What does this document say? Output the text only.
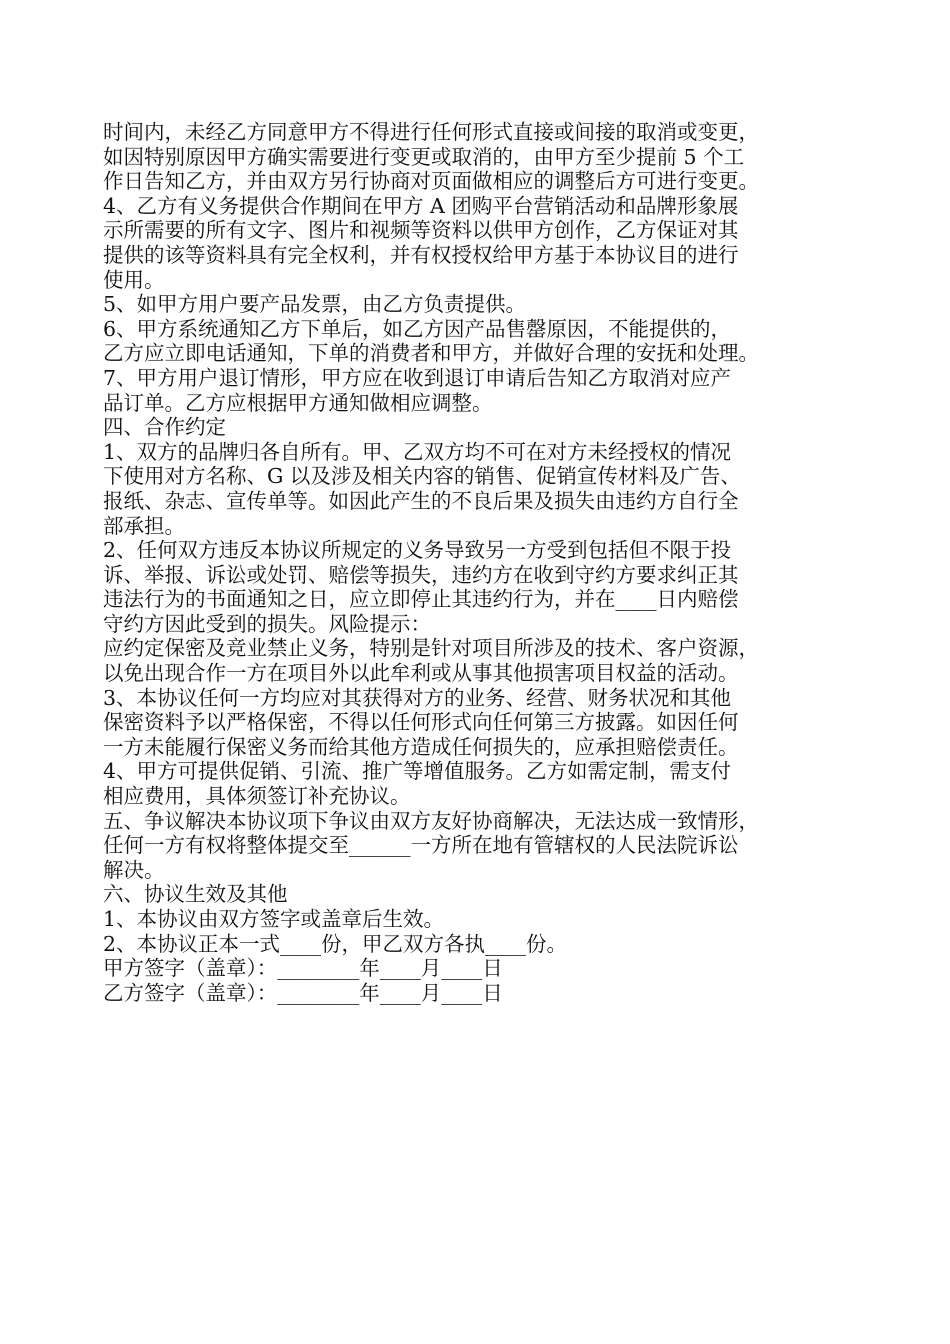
时间内，未经乙方同意甲方不得进行任何形式直接或间接的取消或变更，
如因特别原因甲方确实需要进行变更或取消的，由甲方至少提前 5 个工
作日告知乙方，并由双方另行协商对页面做相应的调整后方可进行变更。
4、乙方有义务提供合作期间在甲方 A 团购平台营销活动和品牌形象展
示所需要的所有文字、图片和视频等资料以供甲方创作，乙方保证对其
提供的该等资料具有完全权利，并有权授权给甲方基于本协议目的进行
使用。
5、如甲方用户要产品发票，由乙方负责提供。
6、甲方系统通知乙方下单后，如乙方因产品售罄原因，不能提供的，
乙方应立即电话通知，下单的消费者和甲方，并做好合理的安抚和处理。
7、甲方用户退订情形，甲方应在收到退订申请后告知乙方取消对应产
品订单。乙方应根据甲方通知做相应调整。
四、合作约定
1、双方的品牌归各自所有。甲、乙双方均不可在对方未经授权的情况
下使用对方名称、G 以及涉及相关内容的销售、促销宣传材料及广告、
报纸、杂志、宣传单等。如因此产生的不良后果及损失由违约方自行全
部承担。
2、任何双方违反本协议所规定的义务导致另一方受到包括但不限于投
诉、举报、诉讼或处罚、赔偿等损失，违约方在收到守约方要求纠正其
违法行为的书面通知之日，应立即停止其违约行为，并在____日内赔偿
守约方因此受到的损失。风险提示：
应约定保密及竞业禁止义务，特别是针对项目所涉及的技术、客户资源，
以免出现合作一方在项目外以此牟利或从事其他损害项目权益的活动。
3、本协议任何一方均应对其获得对方的业务、经营、财务状况和其他
保密资料予以严格保密，不得以任何形式向任何第三方披露。如因任何
一方未能履行保密义务而给其他方造成任何损失的，应承担赔偿责任。
4、甲方可提供促销、引流、推广等增值服务。乙方如需定制，需支付
相应费用，具体须签订补充协议。
五、争议解决本协议项下争议由双方友好协商解决，无法达成一致情形，
任何一方有权将整体提交至______一方所在地有管辖权的人民法院诉讼
解决。
六、协议生效及其他
1、本协议由双方签字或盖章后生效。
2、本协议正本一式____份，甲乙双方各执____份。
甲方签字（盖章）：________年____月____日
乙方签字（盖章）：________年____月____日
